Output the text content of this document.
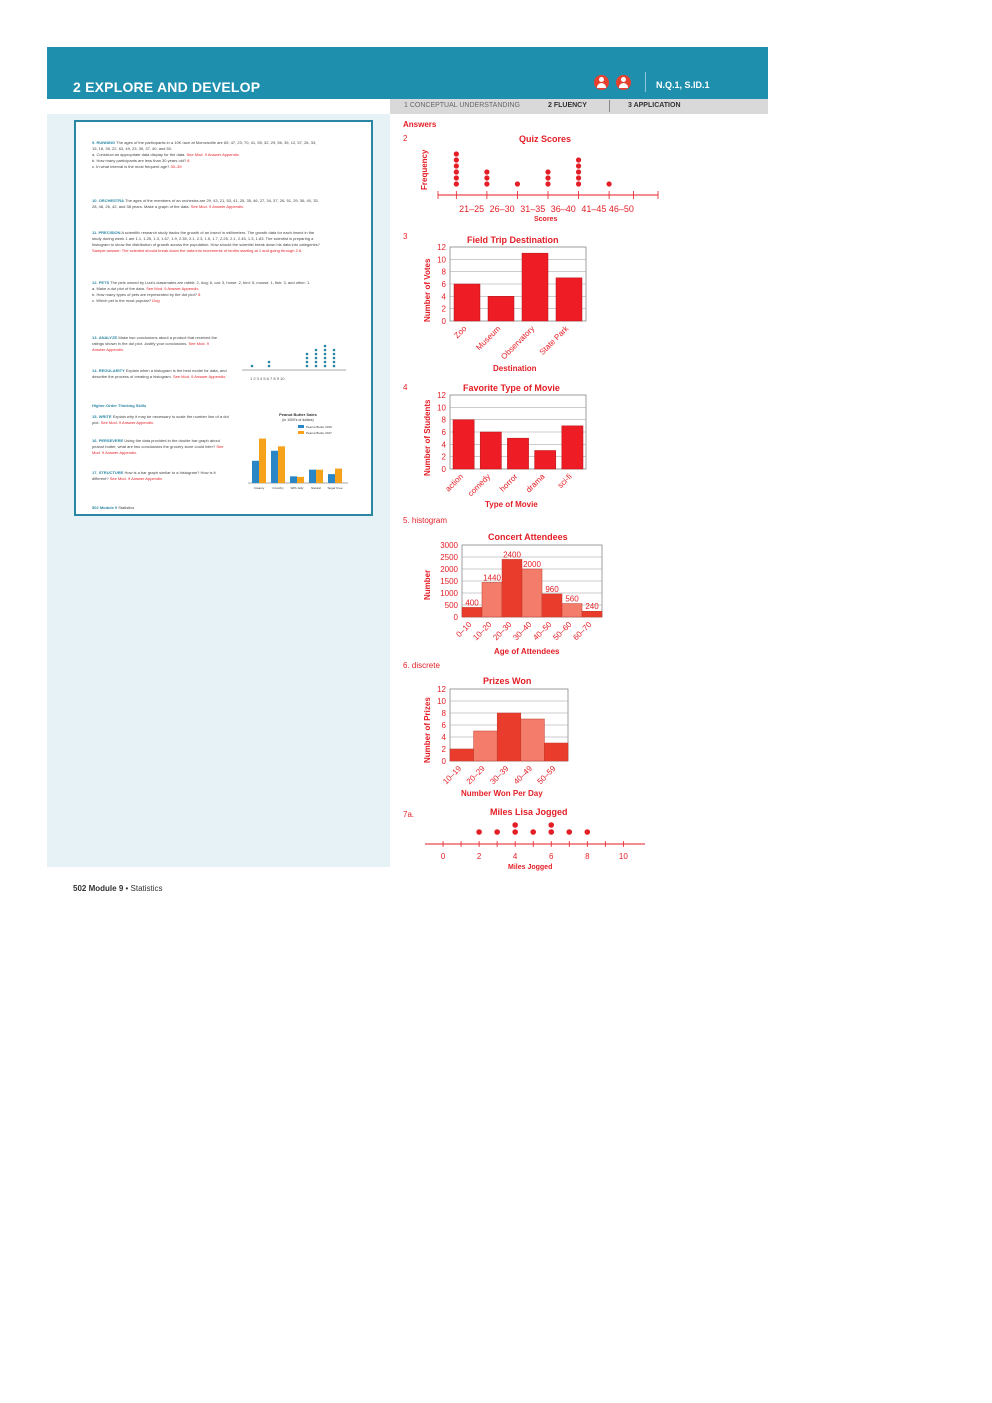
2 EXPLORE AND DEVELOP	N.Q.1, S.ID.1
1 CONCEPTUAL UNDERSTANDING	2 FLUENCY	3 APPLICATION
9. RUNNING The ages of the participants in a 10K race at Morrowville are 65, 47, 23, 70, 41, 55, 32, 29, 56, 39, 12, 57, 26, 33, 15, 18, 35, 22, 63, 49, 23, 39, 37, 40, and 50.
a. Construct an appropriate data display for the data. See Mod. 9 Answer Appendix.
b. How many participants are less than 30 years old? 8
c. In what interval is the most frequent age? 30–39
10. ORCHESTRA The ages of the members of an orchestra are 29, 43, 21, 53, 41, 25, 35, 46, 27, 34, 37, 26, 51, 29, 36, 40, 33, 28, 48, 26, 42, and 38 years. Make a graph of the data. See Mod. 9 Answer Appendix.
11. PRECISION A scientific research study tracks the growth of an insect in millimeters. The growth data for each insect in the study during week 1 are 1.1, 1.25, 1.3, 1.67, 1.9, 2.35, 2.1, 2.3, 1.5, 1.7, 2.25, 2.1, 2.45, 1.3, 1.83. The scientist is preparing a histogram to show the distribution of growth across the population. How should the scientist break down his data into categories? Sample answer: The scientist should break down the data into increments of tenths starting at 1 and going through 2.6.
12. PETS The pets owned by Liza's classmates are rabbit: 2, dog: 6, cat: 3, horse: 2, bird: 5, mouse: 1, fish: 3, and other: 1.
a. Make a dot plot of the data. See Mod. 9 Answer Appendix.
b. How many types of pets are represented by the dot plot? 8
c. Which pet is the most popular? Dog
13. ANALYZE Make two conclusions about a product that received the ratings shown in the dot plot. Justify your conclusions. See Mod. 9 Answer Appendix.
14. REGULARITY Explain when a histogram is the best model for data, and describe the process of creating a histogram. See Mod. 9 Answer Appendix.
Higher-Order Thinking Skills
15. WRITE Explain why it may be necessary to scale the number line of a dot plot. See Mod. 9 Answer Appendix.
16. PERSEVERE Using the data provided in the double bar graph about peanut butter, what are two conclusions the grocery store could infer? See Mod. 9 Answer Appendix.
17. STRUCTURE How is a bar graph similar to a histogram? How is it different? See Mod. 9 Answer Appendix.
502 Module 9 Statistics
1 2 3 4 5 6 7 8 9 10
Peanut Butter Sales
(in 1000's of dollars)
Peanut Butter 2016
Peanut Butter 2017
Creamy	Crunchy With Jelly	Natural Sugar Free
502 Module 9 • Statistics
Answers
2	Quiz Scores
Frequency
21–25 26–30 31–35 36–40 41–45 46–50
Scores
3	Field Trip Destination
Number of Votes 0
2
4
6
8
10
12
Zoo Museum
Observatory State Park
Destination
4	Favorite Type of Movie
Number of Students 0
2
4
6
8
10
12
action comedy horror drama sci-fi
Type of Movie
5. histogram
Concert Attendees
Number
0
500
1000
1500
2000
2500
3000
400
0–10
1440
10–20
2400
20–30
2000
30–40
960
40–50
560
50–60
240
60–70
Age of Attendees
6. discrete
Prizes Won
Number of Prizes 0
2
4
6
8
10
12
10–19 20–29 30–39 40–49 50–59
Number Won Per Day
7a.	Miles Lisa Jogged
0	2	4	6	8	10
Miles Jogged
